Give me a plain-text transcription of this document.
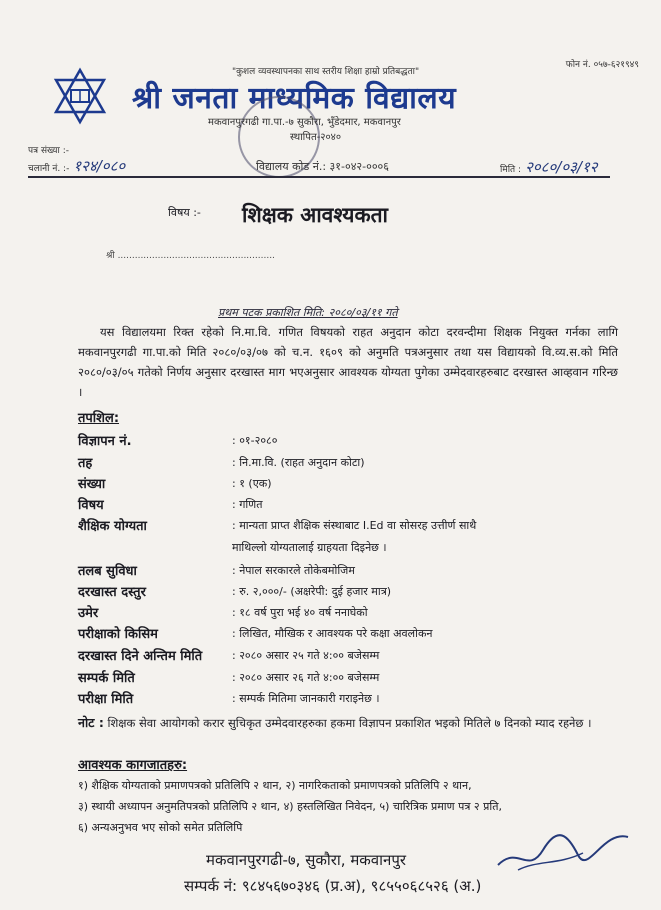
"कुशल व्यवस्थापनका साथ स्तरीय शिक्षा हाम्रो प्रतिबद्धता"
फोन नं. ०५७-६२१९४९
श्री जनता माध्यमिक विद्यालय
मकवानपुरगढी गा.पा.-७ सुकौरा, भुँडेदमार, मकवानपुर
स्थापित-२०४०
पत्र संख्या :-
चलानी नं. :- १२४/०८०	विद्यालय कोड नं.: ३१-०४२-०००६	मिति : २०८०/०३/१२
विषय :- शिक्षक आवश्यकता
श्री .......................................................
प्रथम पटक प्रकाशित मिति: २०८०/०३/११ गते
यस विद्यालयमा रिक्त रहेको नि.मा.वि. गणित विषयको राहत अनुदान कोटा दरवन्दीमा शिक्षक नियुक्त गर्नका लागि मकवानपुरगढी गा.पा.को मिति २०८०/०३/०७ को च.न. १६०९ को अनुमति पत्रअनुसार तथा यस विद्यायको वि.व्य.स.को मिति २०८०/०३/०५ गतेको निर्णय अनुसार दरखास्त माग भएअनुसार आवश्यक योग्यता पुगेका उम्मेदवारहरुबाट दरखास्त आव्हवान गरिन्छ ।
तपशिल:
विज्ञापन नं.	: ०१-२०८०
तह	: नि.मा.वि. (राहत अनुदान कोटा)
संख्या	: १ (एक)
विषय	: गणित
शैक्षिक योग्यता	: मान्यता प्राप्त शैक्षिक संस्थाबाट I.Ed वा सोसरह उत्तीर्ण साथै
माथिल्लो योग्यतालाई ग्राहयता दिइनेछ ।
तलब सुविधा	: नेपाल सरकारले तोकेबमोजिम
दरखास्त दस्तुर	: रु. २,०००/- (अक्षरेपी: दुई हजार मात्र)
उमेर	: १८ वर्ष पुरा भई ४० वर्ष ननाघेको
परीक्षाको किसिम	: लिखित, मौखिक र आवश्यक परे कक्षा अवलोकन
दरखास्त दिने अन्तिम मिति	: २०८० असार २५ गते ४:०० बजेसम्म
सम्पर्क मिति	: २०८० असार २६ गते ४:०० बजेसम्म
परीक्षा मिति	: सम्पर्क मितिमा जानकारी गराइनेछ ।
नोट : शिक्षक सेवा आयोगको करार सुचिकृत उम्मेदवारहरुका हकमा विज्ञापन प्रकाशित भइको मितिले ७ दिनको म्याद रहनेछ ।
आवश्यक कागजातहरु:
१) शैक्षिक योग्यताको प्रमाणपत्रको प्रतिलिपि २ थान, २) नागरिकताको प्रमाणपत्रको प्रतिलिपि २ थान,
३) स्थायी अध्यापन अनुमतिपत्रको प्रतिलिपि २ थान, ४) हस्तलिखित निवेदन, ५) चारित्रिक प्रमाण पत्र २ प्रति,
६) अन्यअनुभव भए सोको समेत प्रतिलिपि
मकवानपुरगढी-७, सुकौरा, मकवानपुर
सम्पर्क नं: ९८४५६७०३४६ (प्र.अ), ९८५५०६८५२६ (अ.)
